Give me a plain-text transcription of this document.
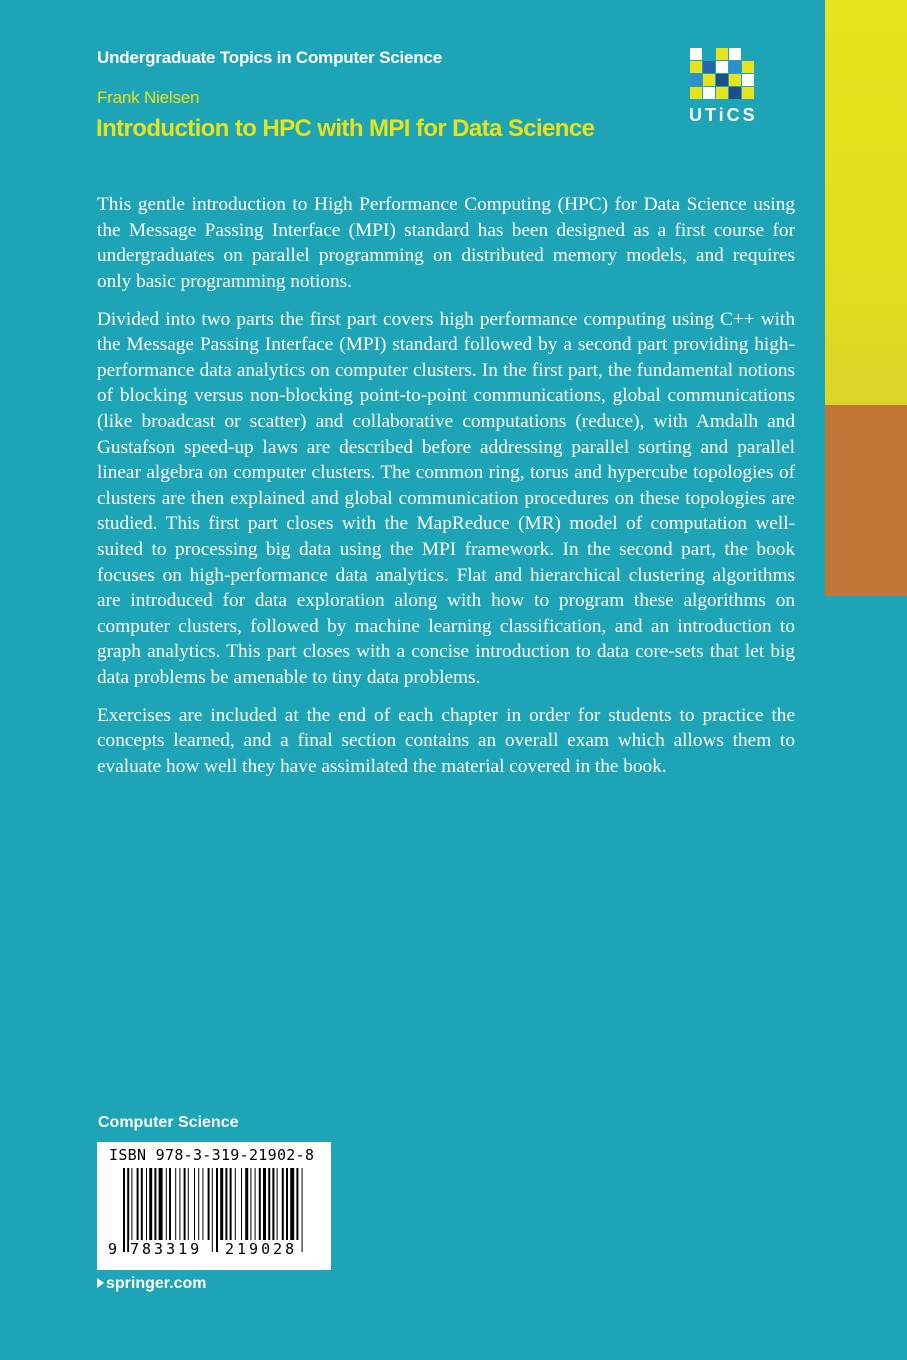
Undergraduate Topics in Computer Science
Frank Nielsen
Introduction to HPC with MPI for Data Science	UTiCS

This gentle introduction to High Performance Computing (HPC) for Data Science using the Message Passing Interface (MPI) standard has been designed as a first course for undergraduates on parallel programming on distributed memory models, and requires only basic programming notions.

Divided into two parts the first part covers high performance computing using C++ with the Message Passing Interface (MPI) standard followed by a second part providing high-performance data analytics on computer clusters. In the first part, the fundamental notions of blocking versus non-blocking point-to-point communications, global communications (like broadcast or scatter) and collaborative computations (reduce), with Amdalh and Gustafson speed-up laws are described before addressing parallel sorting and parallel linear algebra on computer clusters. The common ring, torus and hypercube topologies of clusters are then explained and global communication procedures on these topologies are studied. This first part closes with the MapReduce (MR) model of computation well-suited to processing big data using the MPI framework. In the second part, the book focuses on high-performance data analytics. Flat and hierarchical clustering algorithms are introduced for data exploration along with how to program these algorithms on computer clusters, followed by machine learning classification, and an introduction to graph analytics. This part closes with a concise introduction to data core-sets that let big data problems be amenable to tiny data problems.

Exercises are included at the end of each chapter in order for students to practice the concepts learned, and a final section contains an overall exam which allows them to evaluate how well they have assimilated the material covered in the book.

Computer Science
ISBN 978-3-319-21902-8
9 783319 219028
springer.com
